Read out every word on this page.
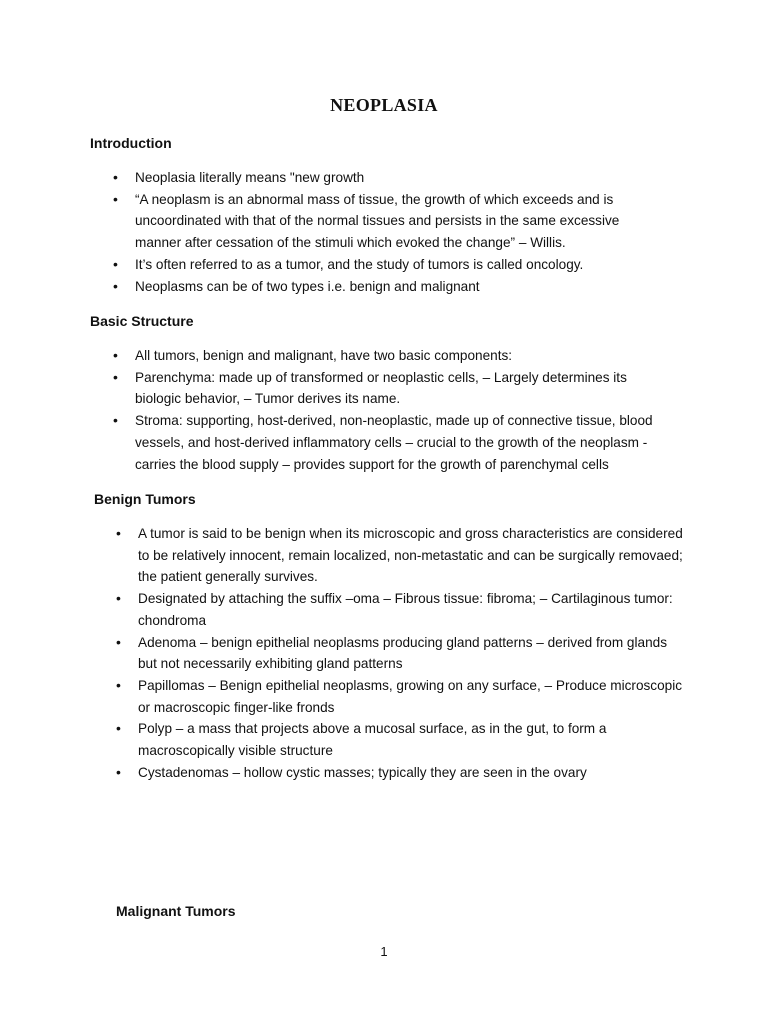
NEOPLASIA
Introduction
• Neoplasia literally means "new growth
• “A neoplasm is an abnormal mass of tissue, the growth of which exceeds and is uncoordinated with that of the normal tissues and persists in the same excessive manner after cessation of the stimuli which evoked the change” – Willis.
• It’s often referred to as a tumor, and the study of tumors is called oncology.
• Neoplasms can be of two types i.e. benign and malignant
Basic Structure
• All tumors, benign and malignant, have two basic components:
• Parenchyma: made up of transformed or neoplastic cells, – Largely determines its biologic behavior, – Tumor derives its name.
• Stroma: supporting, host-derived, non-neoplastic, made up of connective tissue, blood vessels, and host-derived inflammatory cells – crucial to the growth of the neoplasm - carries the blood supply – provides support for the growth of parenchymal cells
Benign Tumors
• A tumor is said to be benign when its microscopic and gross characteristics are considered to be relatively innocent, remain localized, non-metastatic and can be surgically removaed; the patient generally survives.
• Designated by attaching the suffix –oma – Fibrous tissue: fibroma; – Cartilaginous tumor: chondroma
• Adenoma – benign epithelial neoplasms producing gland patterns – derived from glands but not necessarily exhibiting gland patterns
• Papillomas – Benign epithelial neoplasms, growing on any surface, – Produce microscopic or macroscopic finger-like fronds
• Polyp – a mass that projects above a mucosal surface, as in the gut, to form a macroscopically visible structure
• Cystadenomas – hollow cystic masses; typically they are seen in the ovary
Malignant Tumors
1
